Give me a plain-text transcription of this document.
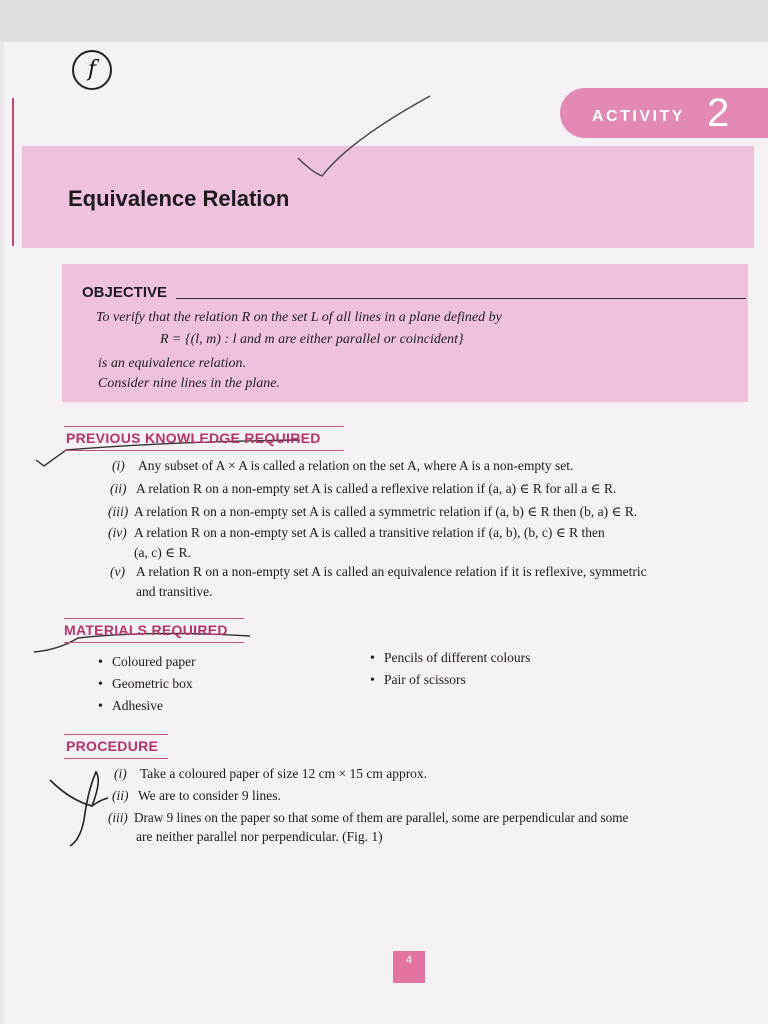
f
ACTIVITY 2
Equivalence Relation
OBJECTIVE
To verify that the relation R on the set L of all lines in a plane defined by
R = {(l, m) : l and m are either parallel or coincident}
is an equivalence relation.
Consider nine lines in the plane.
PREVIOUS KNOWLEDGE REQUIRED
(i) Any subset of A × A is called a relation on the set A, where A is a non-empty set.
(ii) A relation R on a non-empty set A is called a reflexive relation if (a, a) ∈ R for all a ∈ R.
(iii) A relation R on a non-empty set A is called a symmetric relation if (a, b) ∈ R then (b, a) ∈ R.
(iv) A relation R on a non-empty set A is called a transitive relation if (a, b), (b, c) ∈ R then
(a, c) ∈ R.
(v) A relation R on a non-empty set A is called an equivalence relation if it is reflexive, symmetric
and transitive.
MATERIALS REQUIRED
• Coloured paper
• Geometric box
• Adhesive
• Pencils of different colours
• Pair of scissors
PROCEDURE
(i) Take a coloured paper of size 12 cm × 15 cm approx.
(ii) We are to consider 9 lines.
(iii) Draw 9 lines on the paper so that some of them are parallel, some are perpendicular and some
are neither parallel nor perpendicular. (Fig. 1)
4
